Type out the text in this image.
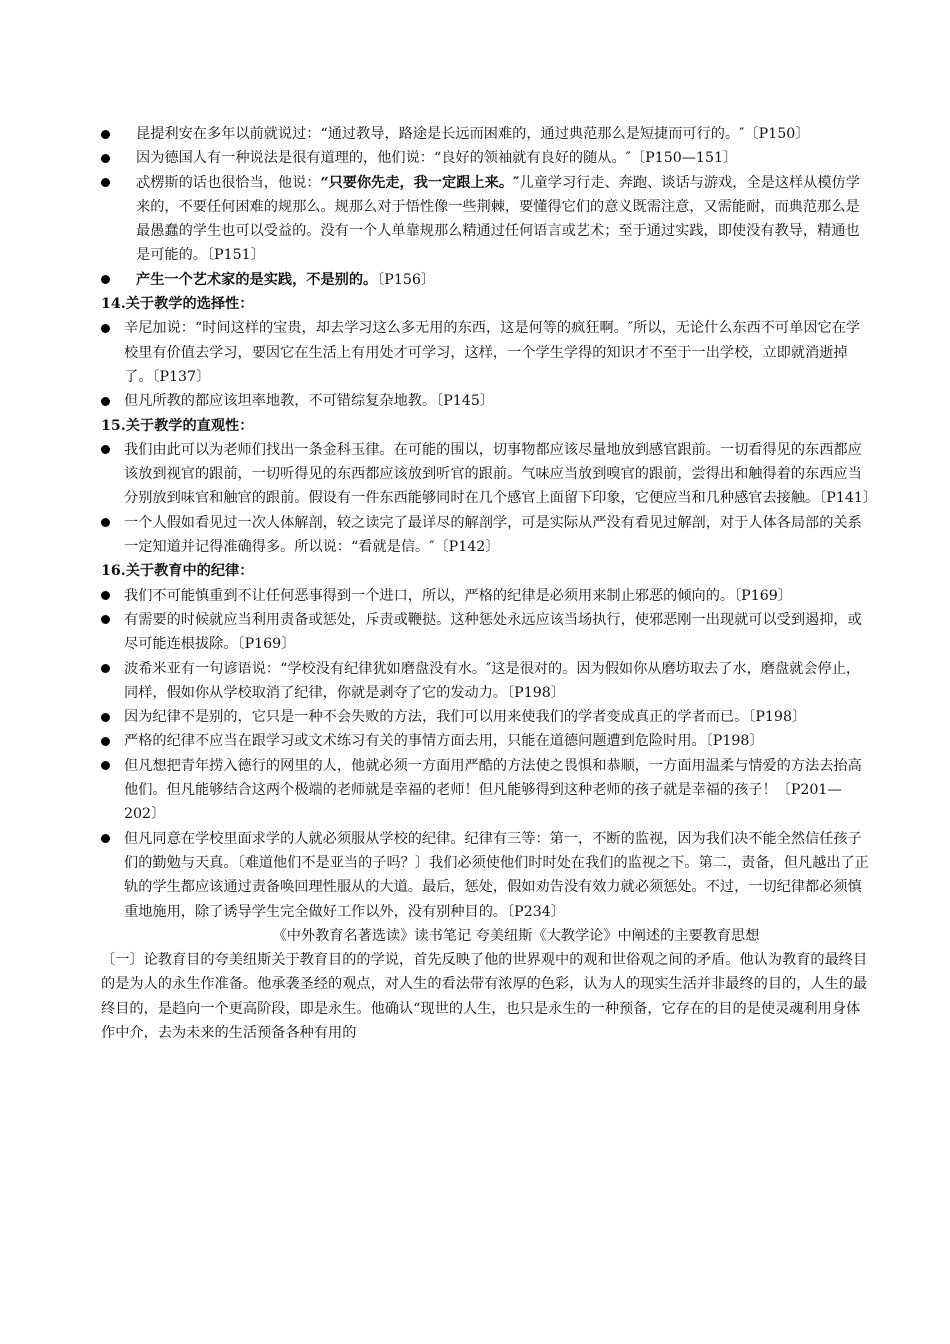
昆提利安在多年以前就说过：“通过教导，路途是长远而困难的，通过典范那么是短捷而可行的。″〔P150〕
因为德国人有一种说法是很有道理的，他们说：“良好的领袖就有良好的随从。″〔P150—151〕
忒楞斯的话也很恰当，他说：“只要你先走，我一定跟上来。″儿童学习行走、奔跑、谈话与游戏，全是这样从模仿学来的，不要任何困难的规那么。规那么对于悟性像一些荆棘，要懂得它们的意义既需注意，又需能耐，而典范那么是最愚蠢的学生也可以受益的。没有一个人单靠规那么精通过任何语言或艺术；至于通过实践，即使没有教导，精通也是可能的。〔P151〕
产生一个艺术家的是实践，不是别的。〔P156〕
14.关于教学的选择性：
辛尼加说：“时间这样的宝贵，却去学习这么多无用的东西，这是何等的疯狂啊。″所以，无论什么东西不可单因它在学校里有价值去学习，要因它在生活上有用处才可学习，这样，一个学生学得的知识才不至于一出学校，立即就消逝掉了。〔P137〕
但凡所教的都应该坦率地教，不可错综复杂地教。〔P145〕
15.关于教学的直观性：
我们由此可以为老师们找出一条金科玉律。在可能的围以，切事物都应该尽量地放到感官跟前。一切看得见的东西都应该放到视官的跟前，一切听得见的东西都应该放到听官的跟前。气味应当放到嗅官的跟前，尝得出和触得着的东西应当分别放到味官和触官的跟前。假设有一件东西能够同时在几个感官上面留下印象，它便应当和几种感官去接触。〔P141〕
一个人假如看见过一次人体解剖，较之读完了最详尽的解剖学，可是实际从严没有看见过解剖，对于人体各局部的关系一定知道并记得准确得多。所以说：“看就是信。″〔P142〕
16.关于教育中的纪律：
我们不可能慎重到不让任何恶事得到一个进口，所以，严格的纪律是必须用来制止邪恶的倾向的。〔P169〕
有需要的时候就应当利用责备或惩处，斥责或鞭挞。这种惩处永远应该当场执行，使邪恶刚一出现就可以受到遏抑，或尽可能连根拔除。〔P169〕
波希米亚有一句谚语说：“学校没有纪律犹如磨盘没有水。″这是很对的。因为假如你从磨坊取去了水，磨盘就会停止，同样，假如你从学校取消了纪律，你就是剥夺了它的发动力。〔P198〕
因为纪律不是别的，它只是一种不会失败的方法，我们可以用来使我们的学者变成真正的学者而已。〔P198〕
严格的纪律不应当在跟学习或文术练习有关的事情方面去用，只能在道德问题遭到危险时用。〔P198〕
但凡想把青年捞入德行的网里的人，他就必须一方面用严酷的方法使之畏惧和恭顺，一方面用温柔与情爱的方法去抬高他们。但凡能够结合这两个极端的老师就是幸福的老师！但凡能够得到这种老师的孩子就是幸福的孩子！〔P201—202〕
但凡同意在学校里面求学的人就必须服从学校的纪律。纪律有三等：第一，不断的监视，因为我们决不能全然信任孩子们的勤勉与天真。〔难道他们不是亚当的子吗？〕我们必须使他们时时处在我们的监视之下。第二，责备，但凡越出了正轨的学生都应该通过责备唤回理性服从的大道。最后，惩处，假如劝告没有效力就必须惩处。不过，一切纪律都必须慎重地施用，除了诱导学生完全做好工作以外，没有别种目的。〔P234〕
《中外教育名著选读》读书笔记 夸美纽斯《大教学论》中阐述的主要教育思想
〔一〕论教育目的夸美纽斯关于教育目的的学说，首先反映了他的世界观中的观和世俗观之间的矛盾。他认为教育的最终目的是为人的永生作准备。他承袭圣经的观点，对人生的看法带有浓厚的色彩，认为人的现实生活并非最终的目的，人生的最终目的，是趋向一个更高阶段，即是永生。他确认“现世的人生，也只是永生的一种预备，它存在的目的是使灵魂利用身体作中介，去为未来的生活预备各种有用的
